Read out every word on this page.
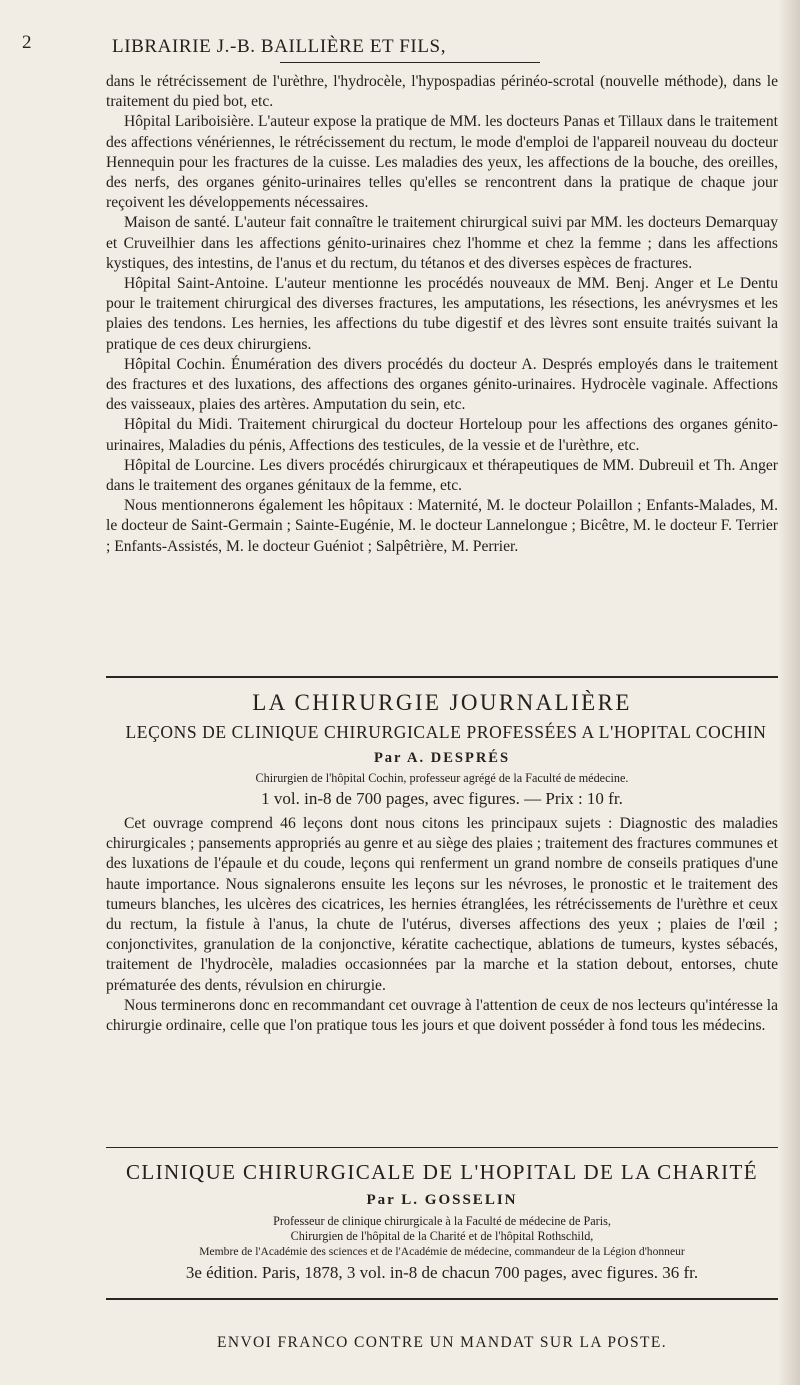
2	LIBRAIRIE J.-B. BAILLIÈRE ET FILS,

dans le rétrécissement de l'urèthre, l'hydrocèle, l'hypospadias périnéo-scrotal (nouvelle méthode), dans le traitement du pied bot, etc.

Hôpital Lariboisière. L'auteur expose la pratique de MM. les docteurs Panas et Tillaux dans le traitement des affections vénériennes, le rétrécissement du rectum, le mode d'emploi de l'appareil nouveau du docteur Hennequin pour les fractures de la cuisse. Les maladies des yeux, les affections de la bouche, des oreilles, des nerfs, des organes génito-urinaires telles qu'elles se rencontrent dans la pratique de chaque jour reçoivent les développements nécessaires.

Maison de santé. L'auteur fait connaître le traitement chirurgical suivi par MM. les docteurs Demarquay et Cruveilhier dans les affections génito-urinaires chez l'homme et chez la femme ; dans les affections kystiques, des intestins, de l'anus et du rectum, du tétanos et des diverses espèces de fractures.

Hôpital Saint-Antoine. L'auteur mentionne les procédés nouveaux de MM. Benj. Anger et Le Dentu pour le traitement chirurgical des diverses fractures, les amputations, les résections, les anévrysmes et les plaies des tendons. Les hernies, les affections du tube digestif et des lèvres sont ensuite traités suivant la pratique de ces deux chirurgiens.

Hôpital Cochin. Énumération des divers procédés du docteur A. Després employés dans le traitement des fractures et des luxations, des affections des organes génito-urinaires. Hydrocèle vaginale. Affections des vaisseaux, plaies des artères. Amputation du sein, etc.

Hôpital du Midi. Traitement chirurgical du docteur Horteloup pour les affections des organes génito-urinaires, Maladies du pénis, Affections des testicules, de la vessie et de l'urèthre, etc.

Hôpital de Lourcine. Les divers procédés chirurgicaux et thérapeutiques de MM. Dubreuil et Th. Anger dans le traitement des organes génitaux de la femme, etc.

Nous mentionnerons également les hôpitaux : Maternité, M. le docteur Polaillon ; Enfants-Malades, M. le docteur de Saint-Germain ; Sainte-Eugénie, M. le docteur Lannelongue ; Bicêtre, M. le docteur F. Terrier ; Enfants-Assistés, M. le docteur Guéniot ; Salpêtrière, M. Perrier.

LA CHIRURGIE JOURNALIÈRE
LEÇONS DE CLINIQUE CHIRURGICALE PROFESSÉES A L'HOPITAL COCHIN
Par A. DESPRÉS
Chirurgien de l'hôpital Cochin, professeur agrégé de la Faculté de médecine.
1 vol. in-8 de 700 pages, avec figures. — Prix : 10 fr.

Cet ouvrage comprend 46 leçons dont nous citons les principaux sujets : Diagnostic des maladies chirurgicales ; pansements appropriés au genre et au siège des plaies ; traitement des fractures communes et des luxations de l'épaule et du coude, leçons qui renferment un grand nombre de conseils pratiques d'une haute importance. Nous signalerons ensuite les leçons sur les névroses, le pronostic et le traitement des tumeurs blanches, les ulcères des cicatrices, les hernies étranglées, les rétrécissements de l'urèthre et ceux du rectum, la fistule à l'anus, la chute de l'utérus, diverses affections des yeux ; plaies de l'œil ; conjonctivites, granulation de la conjonctive, kératite cachectique, ablations de tumeurs, kystes sébacés, traitement de l'hydrocèle, maladies occasionnées par la marche et la station debout, entorses, chute prématurée des dents, révulsion en chirurgie.

Nous terminerons donc en recommandant cet ouvrage à l'attention de ceux de nos lecteurs qu'intéresse la chirurgie ordinaire, celle que l'on pratique tous les jours et que doivent posséder à fond tous les médecins.

CLINIQUE CHIRURGICALE DE L'HOPITAL DE LA CHARITÉ
Par L. GOSSELIN
Professeur de clinique chirurgicale à la Faculté de médecine de Paris,
Chirurgien de l'hôpital de la Charité et de l'hôpital Rothschild,
Membre de l'Académie des sciences et de l'Académie de médecine, commandeur de la Légion d'honneur
3e édition. Paris, 1878, 3 vol. in-8 de chacun 700 pages, avec figures. 36 fr.
ENVOI FRANCO CONTRE UN MANDAT SUR LA POSTE.
